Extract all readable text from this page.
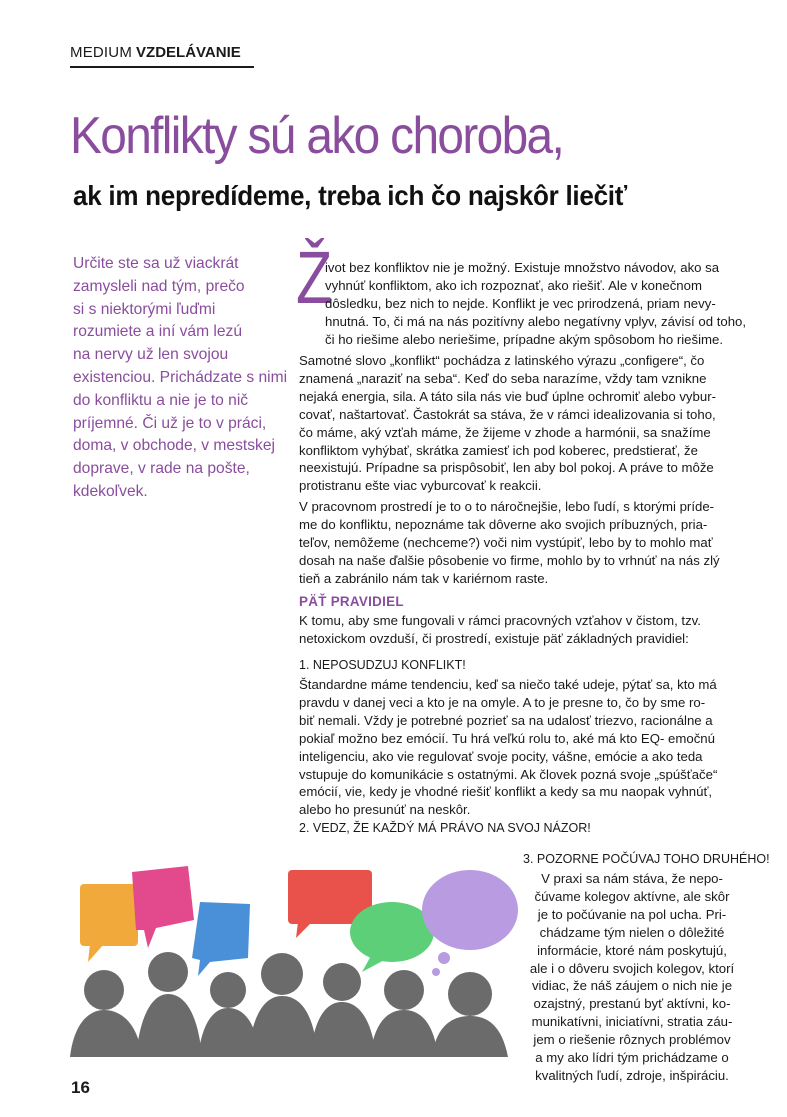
MEDIUM VZDELÁVANIE
Konflikty sú ako choroba,
ak im nepredídeme, treba ich čo najskôr liečiť
Určite ste sa už viackrát
zamysleli nad tým, prečo
si s niektorými ľuďmi
rozumiete a iní vám lezú
na nervy už len svojou
existenciou. Prichádzate s nimi
do konfliktu a nie je to nič
príjemné. Či už je to v práci,
doma, v obchode, v mestskej
doprave, v rade na pošte,
kdekoľvek.
Ž
ivot bez konfliktov nie je možný. Existuje množstvo návodov, ako sa
vyhnúť konfliktom, ako ich rozpoznať, ako riešiť. Ale v konečnom
dôsledku, bez nich to nejde. Konflikt je vec prirodzená, priam nevy-
hnutná. To, či má na nás pozitívny alebo negatívny vplyv, závisí od toho,
či ho riešime alebo neriešime, prípadne akým spôsobom ho riešime.
Samotné slovo „konflikt“ pochádza z latinského výrazu „configere“, čo
znamená „naraziť na seba“. Keď do seba narazíme, vždy tam vznikne
nejaká energia, sila. A táto sila nás vie buď úplne ochromiť alebo vybur-
covať, naštartovať. Častokrát sa stáva, že v rámci idealizovania si toho,
čo máme, aký vzťah máme, že žijeme v zhode a harmónii, sa snažíme
konfliktom vyhýbať, skrátka zamiesť ich pod koberec, predstierať, že
neexistujú. Prípadne sa prispôsobiť, len aby bol pokoj. A práve to môže
protistranu ešte viac vyburcovať k reakcii.
V pracovnom prostredí je to o to náročnejšie, lebo ľudí, s ktorými príde-
me do konfliktu, nepoznáme tak dôverne ako svojich príbuzných, pria-
teľov, nemôžeme (nechceme?) voči nim vystúpiť, lebo by to mohlo mať
dosah na naše ďalšie pôsobenie vo firme, mohlo by to vrhnúť na nás zlý
tieň a zabránilo nám tak v kariérnom raste.
PÄŤ PRAVIDIEL
K tomu, aby sme fungovali v rámci pracovných vzťahov v čistom, tzv.
netoxickom ovzduší, či prostredí, existuje päť základných pravidiel:
1. NEPOSUDZUJ KONFLIKT!
Štandardne máme tendenciu, keď sa niečo také udeje, pýtať sa, kto má
pravdu v danej veci a kto je na omyle. A to je presne to, čo by sme ro-
biť nemali. Vždy je potrebné pozrieť sa na udalosť triezvo, racionálne a
pokiaľ možno bez emócií. Tu hrá veľkú rolu to, aké má kto EQ- emočnú
inteligenciu, ako vie regulovať svoje pocity, vášne, emócie a ako teda
vstupuje do komunikácie s ostatnými. Ak človek pozná svoje „spúšťače“
emócií, vie, kedy je vhodné riešiť konflikt a kedy sa mu naopak vyhnúť,
alebo ho presunúť na neskôr.
2. VEDZ, ŽE KAŽDÝ MÁ PRÁVO NA SVOJ NÁZOR!
3. POZORNE POČÚVAJ TOHO DRUHÉHO!
V praxi sa nám stáva, že nepo-
čúvame kolegov aktívne, ale skôr
je to počúvanie na pol ucha. Pri-
chádzame tým nielen o dôležité
informácie, ktoré nám poskytujú,
ale i o dôveru svojich kolegov, ktorí
vidiac, že náš záujem o nich nie je
ozajstný, prestanú byť aktívni, ko-
munikatívni, iniciatívni, stratia záu-
jem o riešenie rôznych problémov
a my ako lídri tým prichádzame o
kvalitných ľudí, zdroje, inšpiráciu.
16
